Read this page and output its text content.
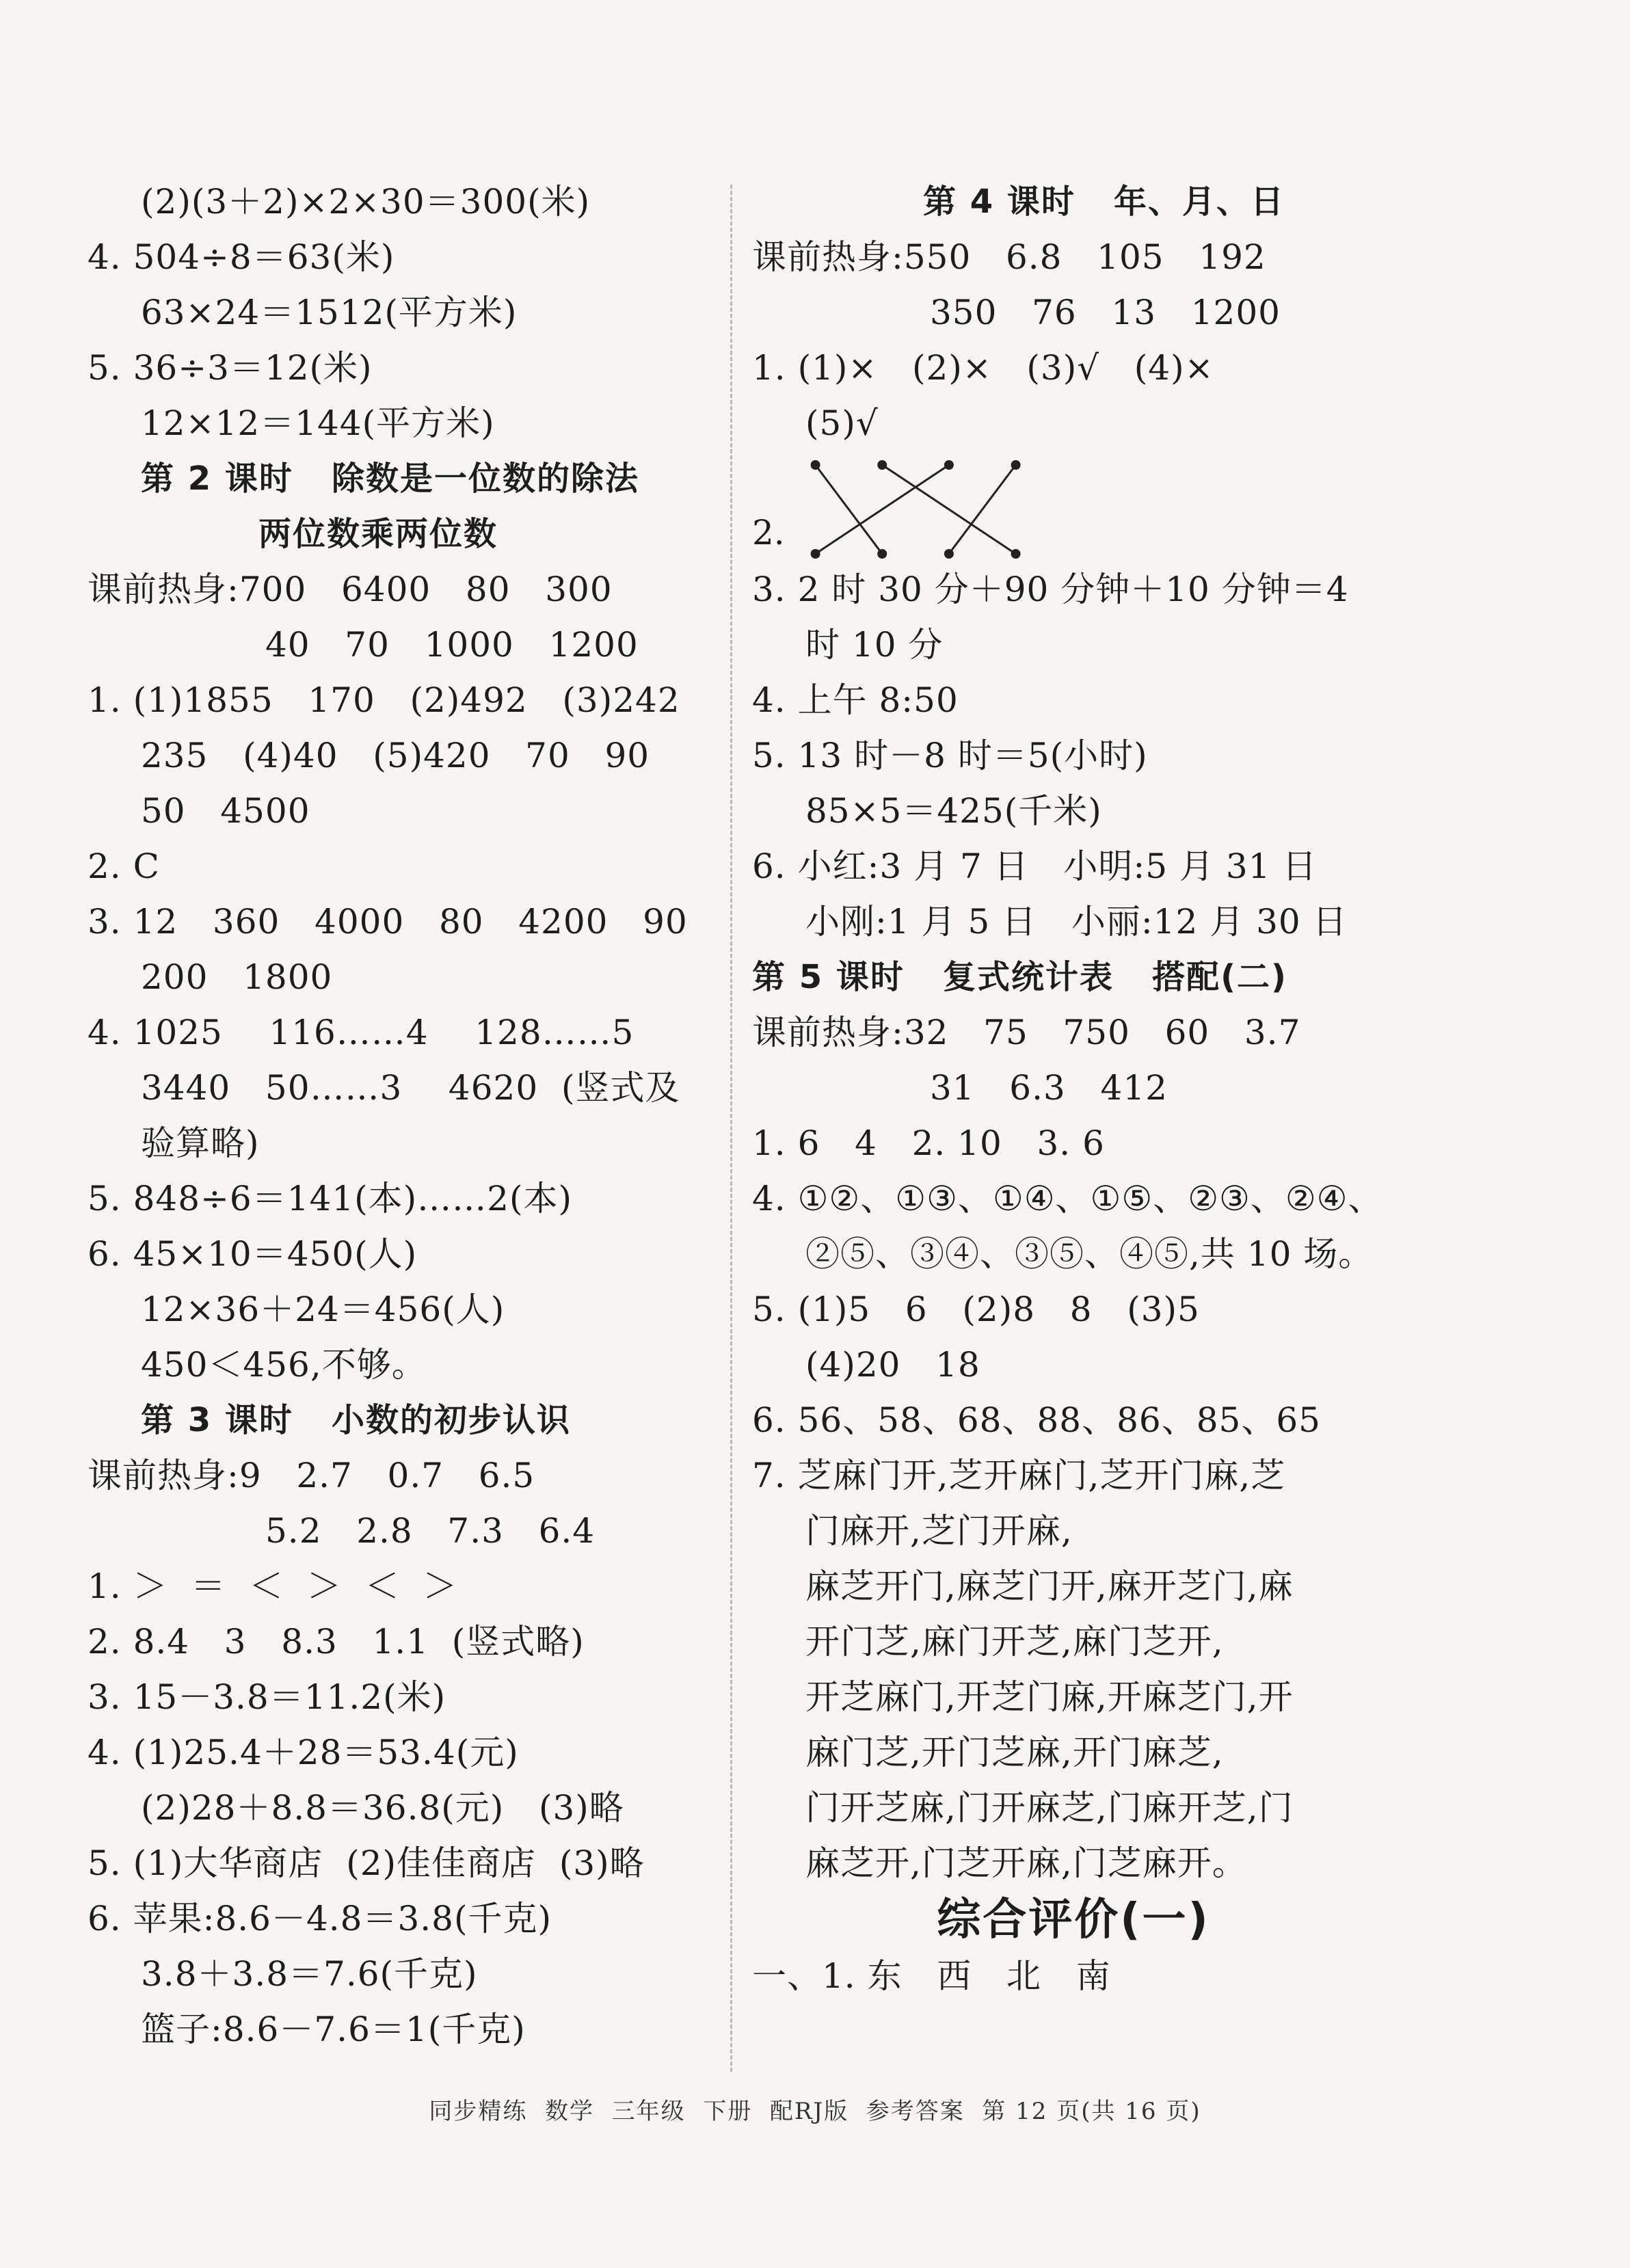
(2)(3＋2)×2×30＝300(米)
4. 504÷8＝63(米)
63×24＝1512(平方米)
5. 36÷3＝12(米)
12×12＝144(平方米)
第 2 课时   除数是一位数的除法
两位数乘两位数
课前热身:700   6400   80   300
40   70   1000   1200
1. (1)1855   170   (2)492   (3)242
235   (4)40   (5)420   70   90
50   4500
2. C
3. 12   360   4000   80   4200   90
200   1800
4. 1025    116……4    128……5
3440   50……3    4620  (竖式及
验算略)
5. 848÷6＝141(本)……2(本)
6. 45×10＝450(人)
12×36＋24＝456(人)
450＜456,不够。
第 3 课时   小数的初步认识
课前热身:9   2.7   0.7   6.5
5.2   2.8   7.3   6.4
1. ＞  ＝  ＜  ＞  ＜  ＞
2. 8.4   3   8.3   1.1  (竖式略)
3. 15－3.8＝11.2(米)
4. (1)25.4＋28＝53.4(元)
(2)28＋8.8＝36.8(元)   (3)略
5. (1)大华商店  (2)佳佳商店  (3)略
6. 苹果:8.6－4.8＝3.8(千克)
3.8＋3.8＝7.6(千克)
篮子:8.6－7.6＝1(千克)
第 4 课时   年、月、日
课前热身:550   6.8   105   192
350   76   13   1200
1. (1)×   (2)×   (3)√   (4)×
(5)√
2.
3. 2 时 30 分＋90 分钟＋10 分钟＝4
时 10 分
4. 上午 8:50
5. 13 时－8 时＝5(小时)
85×5＝425(千米)
6. 小红:3 月 7 日   小明:5 月 31 日
小刚:1 月 5 日   小丽:12 月 30 日
第 5 课时   复式统计表   搭配(二)
课前热身:32   75   750   60   3.7
31   6.3   412
1. 6   4   2. 10   3. 6
4. ①②、①③、①④、①⑤、②③、②④、
②⑤、③④、③⑤、④⑤,共 10 场。
5. (1)5   6   (2)8   8   (3)5
(4)20   18
6. 56、58、68、88、86、85、65
7. 芝麻门开,芝开麻门,芝开门麻,芝
门麻开,芝门开麻,
麻芝开门,麻芝门开,麻开芝门,麻
开门芝,麻门开芝,麻门芝开,
开芝麻门,开芝门麻,开麻芝门,开
麻门芝,开门芝麻,开门麻芝,
门开芝麻,门开麻芝,门麻开芝,门
麻芝开,门芝开麻,门芝麻开。
综合评价(一)
一、1. 东   西   北   南
同步精练  数学  三年级  下册  配RJ版  参考答案  第 12 页(共 16 页)
